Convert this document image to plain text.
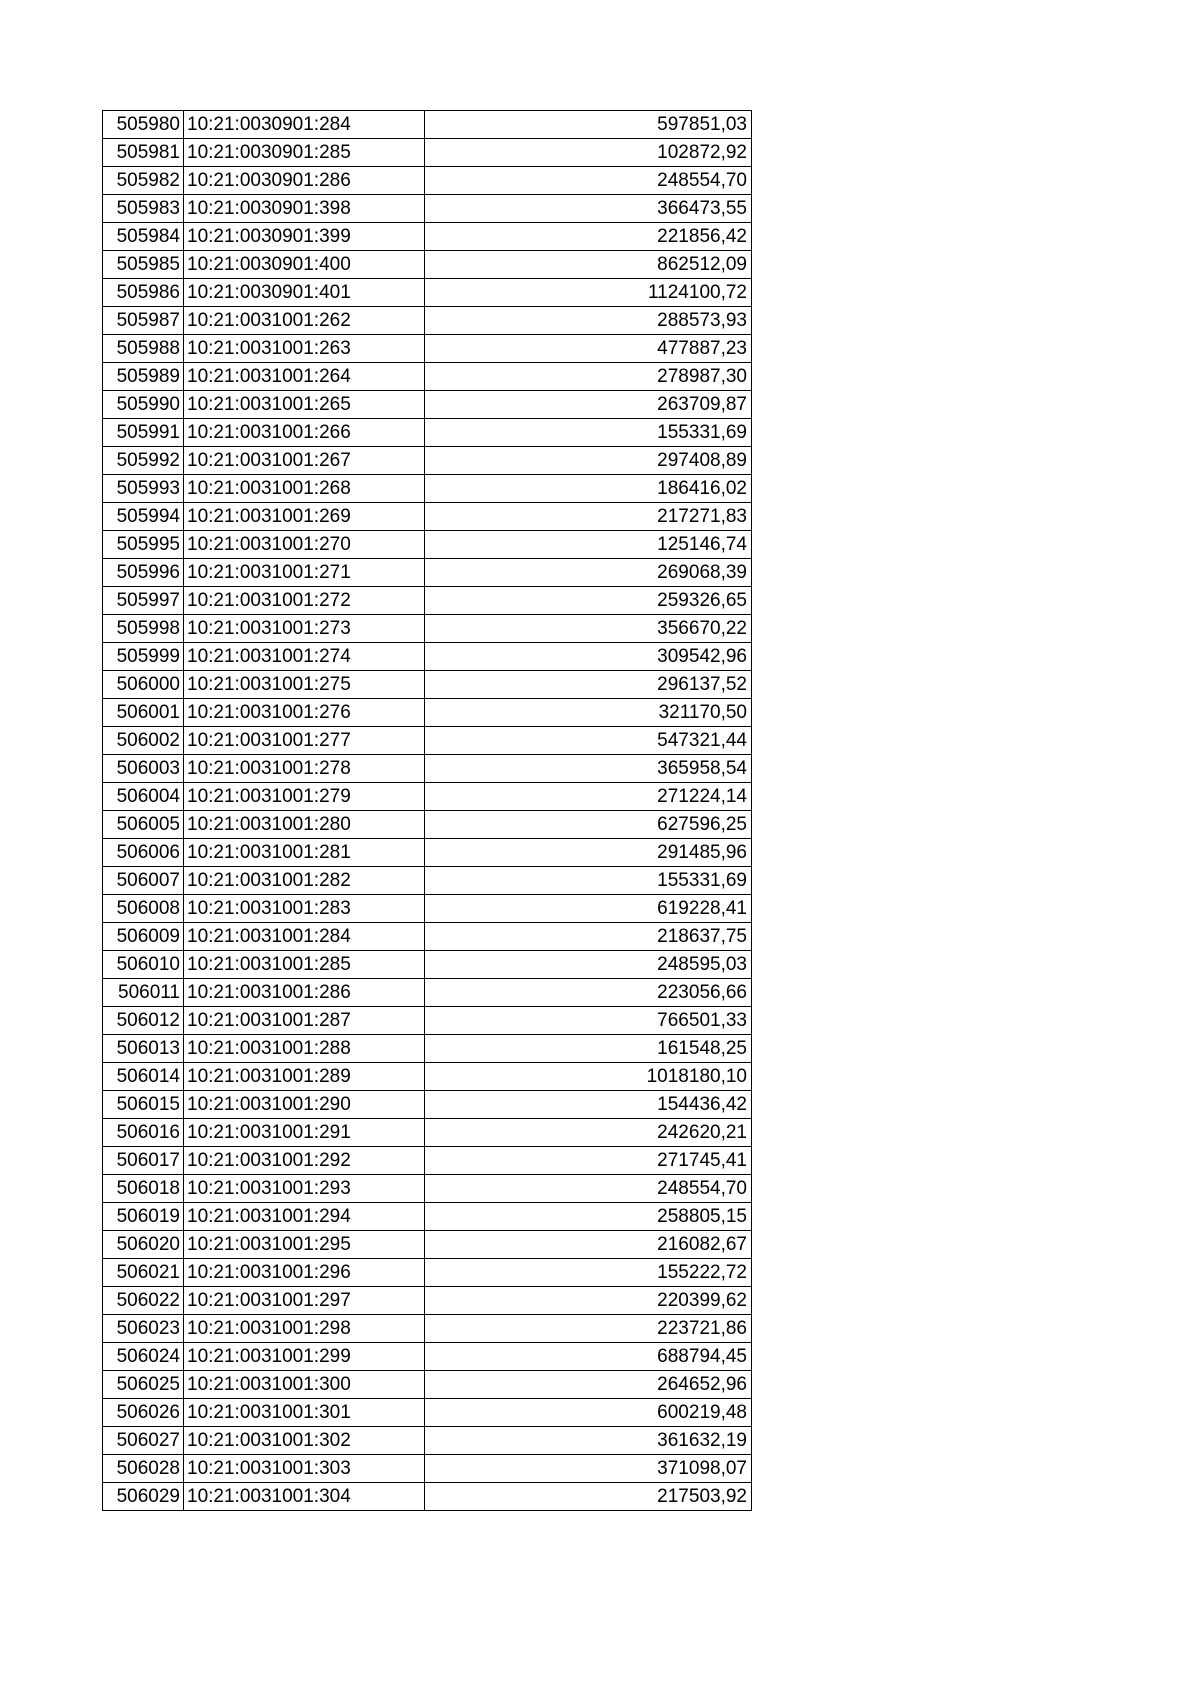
505980	10:21:0030901:284	597851,03
505981	10:21:0030901:285	102872,92
505982	10:21:0030901:286	248554,70
505983	10:21:0030901:398	366473,55
505984	10:21:0030901:399	221856,42
505985	10:21:0030901:400	862512,09
505986	10:21:0030901:401	1124100,72
505987	10:21:0031001:262	288573,93
505988	10:21:0031001:263	477887,23
505989	10:21:0031001:264	278987,30
505990	10:21:0031001:265	263709,87
505991	10:21:0031001:266	155331,69
505992	10:21:0031001:267	297408,89
505993	10:21:0031001:268	186416,02
505994	10:21:0031001:269	217271,83
505995	10:21:0031001:270	125146,74
505996	10:21:0031001:271	269068,39
505997	10:21:0031001:272	259326,65
505998	10:21:0031001:273	356670,22
505999	10:21:0031001:274	309542,96
506000	10:21:0031001:275	296137,52
506001	10:21:0031001:276	321170,50
506002	10:21:0031001:277	547321,44
506003	10:21:0031001:278	365958,54
506004	10:21:0031001:279	271224,14
506005	10:21:0031001:280	627596,25
506006	10:21:0031001:281	291485,96
506007	10:21:0031001:282	155331,69
506008	10:21:0031001:283	619228,41
506009	10:21:0031001:284	218637,75
506010	10:21:0031001:285	248595,03
506011	10:21:0031001:286	223056,66
506012	10:21:0031001:287	766501,33
506013	10:21:0031001:288	161548,25
506014	10:21:0031001:289	1018180,10
506015	10:21:0031001:290	154436,42
506016	10:21:0031001:291	242620,21
506017	10:21:0031001:292	271745,41
506018	10:21:0031001:293	248554,70
506019	10:21:0031001:294	258805,15
506020	10:21:0031001:295	216082,67
506021	10:21:0031001:296	155222,72
506022	10:21:0031001:297	220399,62
506023	10:21:0031001:298	223721,86
506024	10:21:0031001:299	688794,45
506025	10:21:0031001:300	264652,96
506026	10:21:0031001:301	600219,48
506027	10:21:0031001:302	361632,19
506028	10:21:0031001:303	371098,07
506029	10:21:0031001:304	217503,92
